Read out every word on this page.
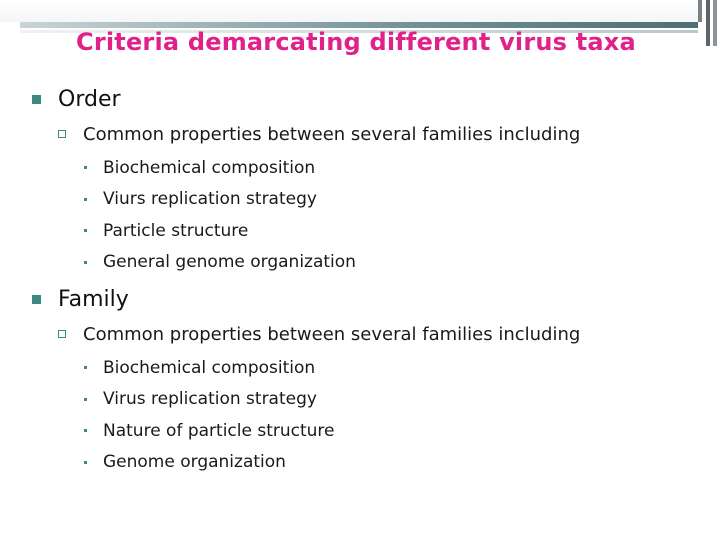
Criteria demarcating different virus taxa
Order
Common properties between several families including
Biochemical composition
Viurs replication strategy
Particle structure
General genome organization
Family
Common properties between several families including
Biochemical composition
Virus replication strategy
Nature of particle structure
Genome organization
